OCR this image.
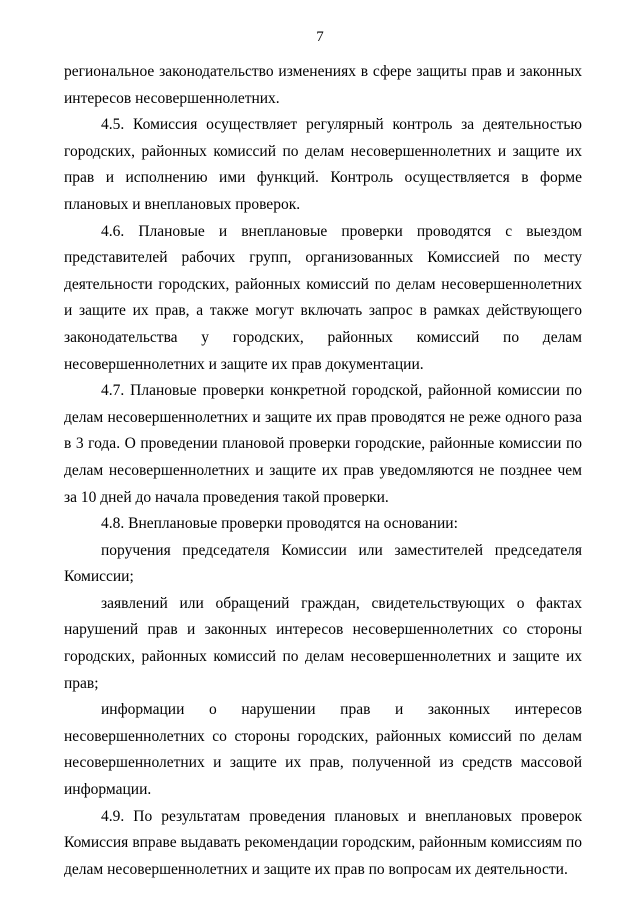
7

региональное законодательство изменениях в сфере защиты прав и законных интересов несовершеннолетних.

4.5. Комиссия осуществляет регулярный контроль за деятельностью городских, районных комиссий по делам несовершеннолетних и защите их прав и исполнению ими функций. Контроль осуществляется в форме плановых и внеплановых проверок.

4.6. Плановые и внеплановые проверки проводятся с выездом представителей рабочих групп, организованных Комиссией по месту деятельности городских, районных комиссий по делам несовершеннолетних и защите их прав, а также могут включать запрос в рамках действующего законодательства у городских, районных комиссий по делам несовершеннолетних и защите их прав документации.

4.7. Плановые проверки конкретной городской, районной комиссии по делам несовершеннолетних и защите их прав проводятся не реже одного раза в 3 года. О проведении плановой проверки городские, районные комиссии по делам несовершеннолетних и защите их прав уведомляются не позднее чем за 10 дней до начала проведения такой проверки.

4.8. Внеплановые проверки проводятся на основании:

поручения председателя Комиссии или заместителей председателя Комиссии;

заявлений или обращений граждан, свидетельствующих о фактах нарушений прав и законных интересов несовершеннолетних со стороны городских, районных комиссий по делам несовершеннолетних и защите их прав;

информации о нарушении прав и законных интересов несовершеннолетних со стороны городских, районных комиссий по делам несовершеннолетних и защите их прав, полученной из средств массовой информации.

4.9. По результатам проведения плановых и внеплановых проверок Комиссия вправе выдавать рекомендации городским, районным комиссиям по делам несовершеннолетних и защите их прав по вопросам их деятельности.
